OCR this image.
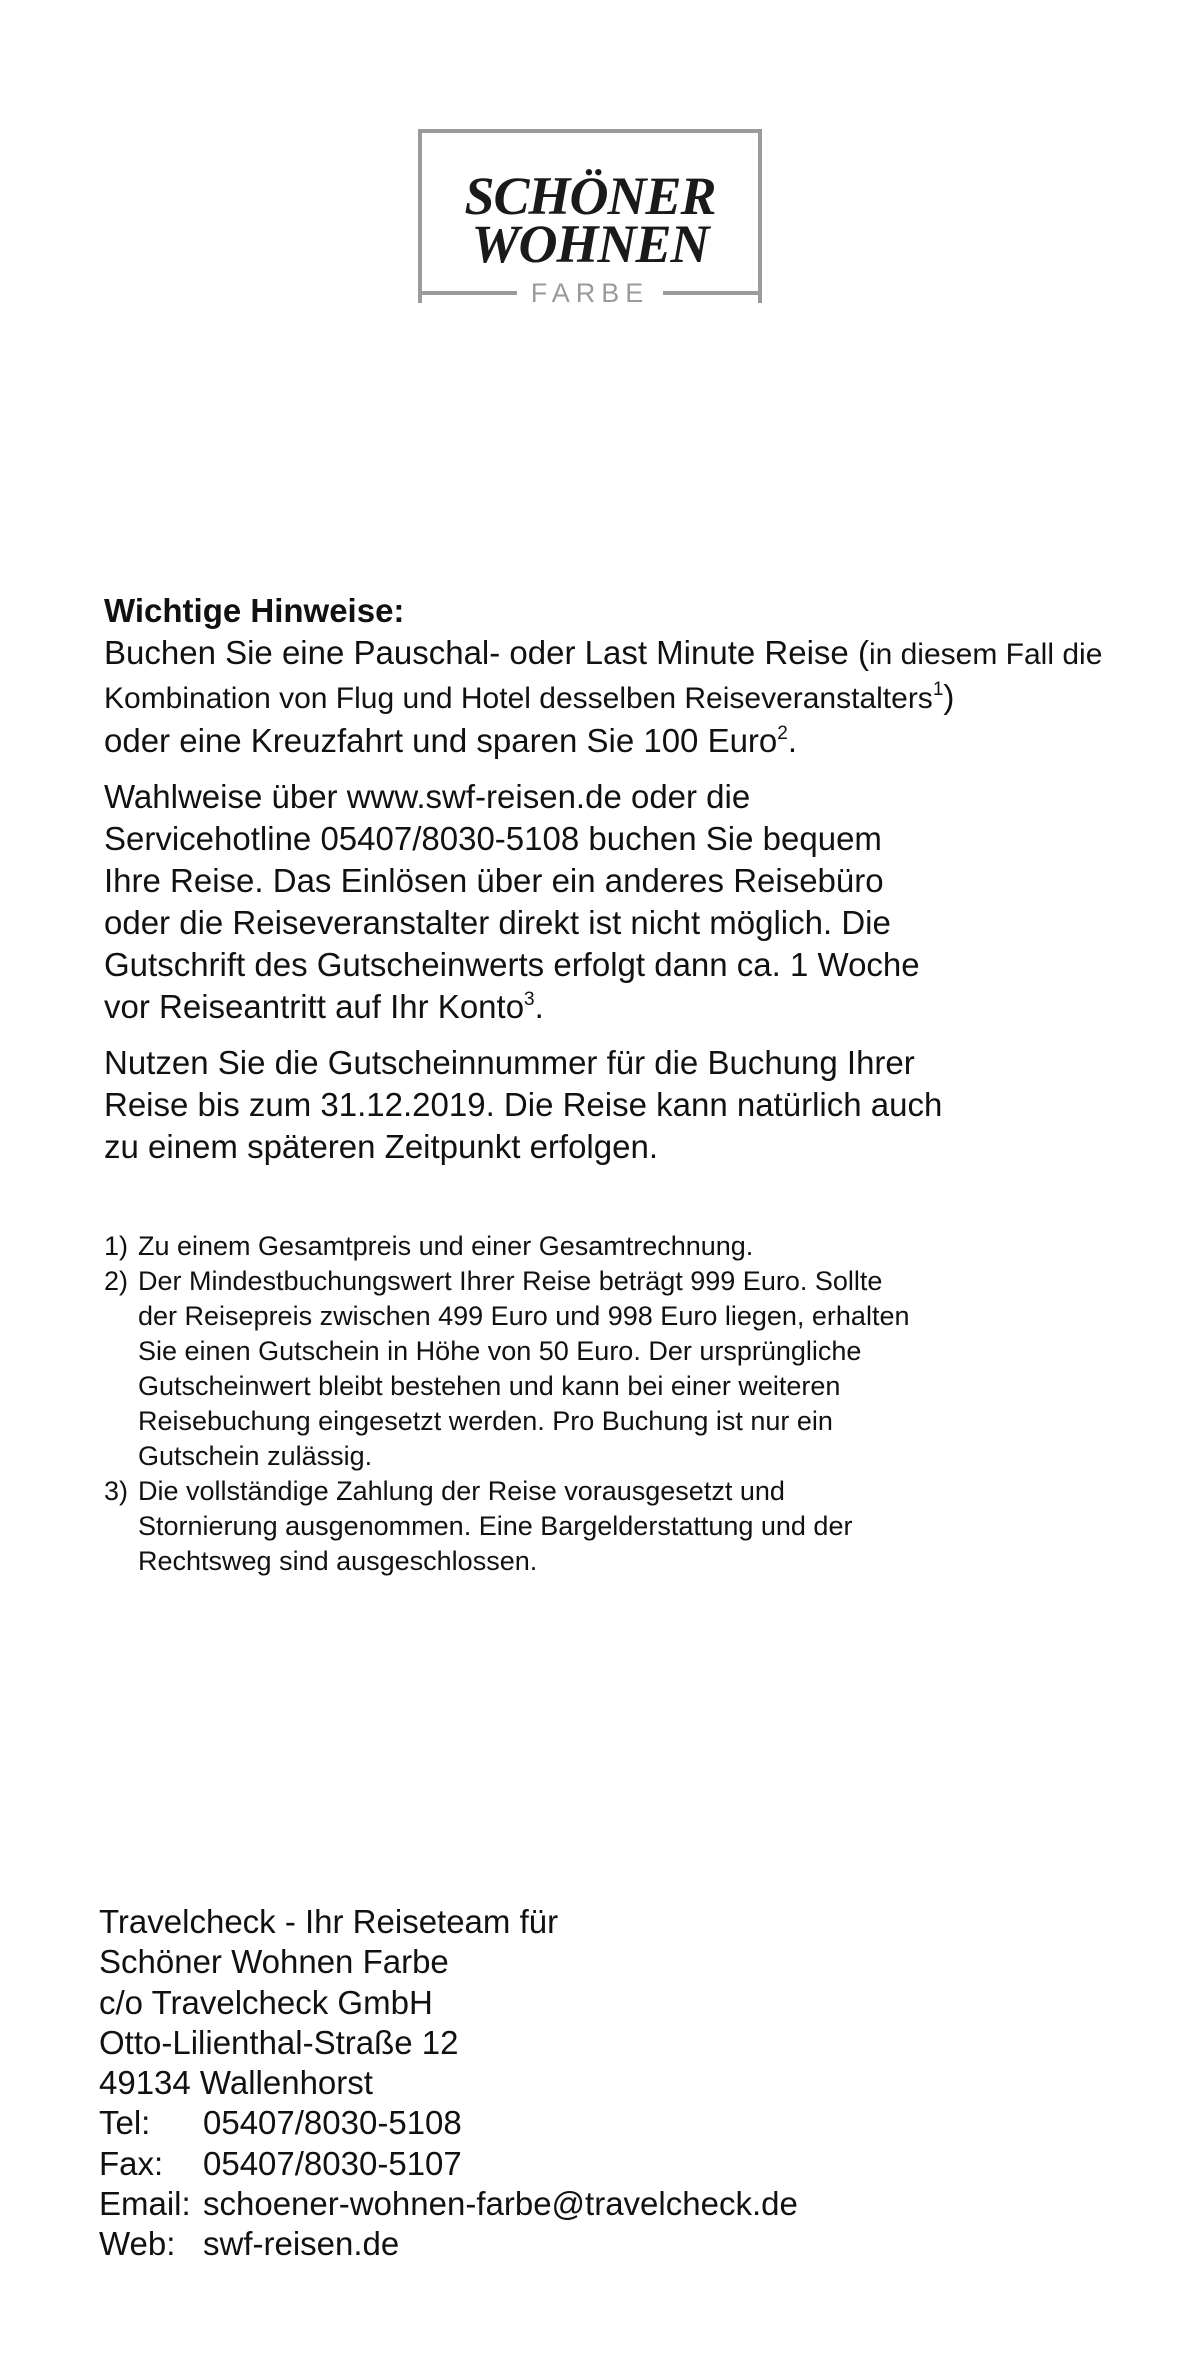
SCHÖNER
WOHNEN
FARBE
Wichtige Hinweise:

Buchen Sie eine Pauschal- oder Last Minute Reise (in diesem Fall die Kombination von Flug und Hotel desselben Reiseveranstalters$^1$)
oder eine Kreuzfahrt und sparen Sie 100 Euro$^2$.

Wahlweise über www.swf-reisen.de oder die Servicehotline 05407/8030-5108 buchen Sie bequem Ihre Reise. Das Einlösen über ein anderes Reisebüro oder die Reiseveranstalter direkt ist nicht möglich. Die Gutschrift des Gutscheinwerts erfolgt dann ca. 1 Woche vor Reiseantritt auf Ihr Konto$^3$.

Nutzen Sie die Gutscheinnummer für die Buchung Ihrer Reise bis zum 31.12.2019. Die Reise kann natürlich auch zu einem späteren Zeitpunkt erfolgen.

1) Zu einem Gesamtpreis und einer Gesamtrechnung.
2) Der Mindestbuchungswert Ihrer Reise beträgt 999 Euro. Sollte der Reisepreis zwischen 499 Euro und 998 Euro liegen, erhalten Sie einen Gutschein in Höhe von 50 Euro. Der ursprüngliche Gutscheinwert bleibt bestehen und kann bei einer weiteren Reisebuchung eingesetzt werden. Pro Buchung ist nur ein Gutschein zulässig.
3) Die vollständige Zahlung der Reise vorausgesetzt und Stornierung ausgenommen. Eine Bargelderstattung und der Rechtsweg sind ausgeschlossen.
Travelcheck - Ihr Reiseteam für
Schöner Wohnen Farbe
c/o Travelcheck GmbH
Otto-Lilienthal-Straße 12
49134 Wallenhorst
Tel:	05407/8030-5108
Fax:	05407/8030-5107
Email: schoener-wohnen-farbe@travelcheck.de
Web: swf-reisen.de
